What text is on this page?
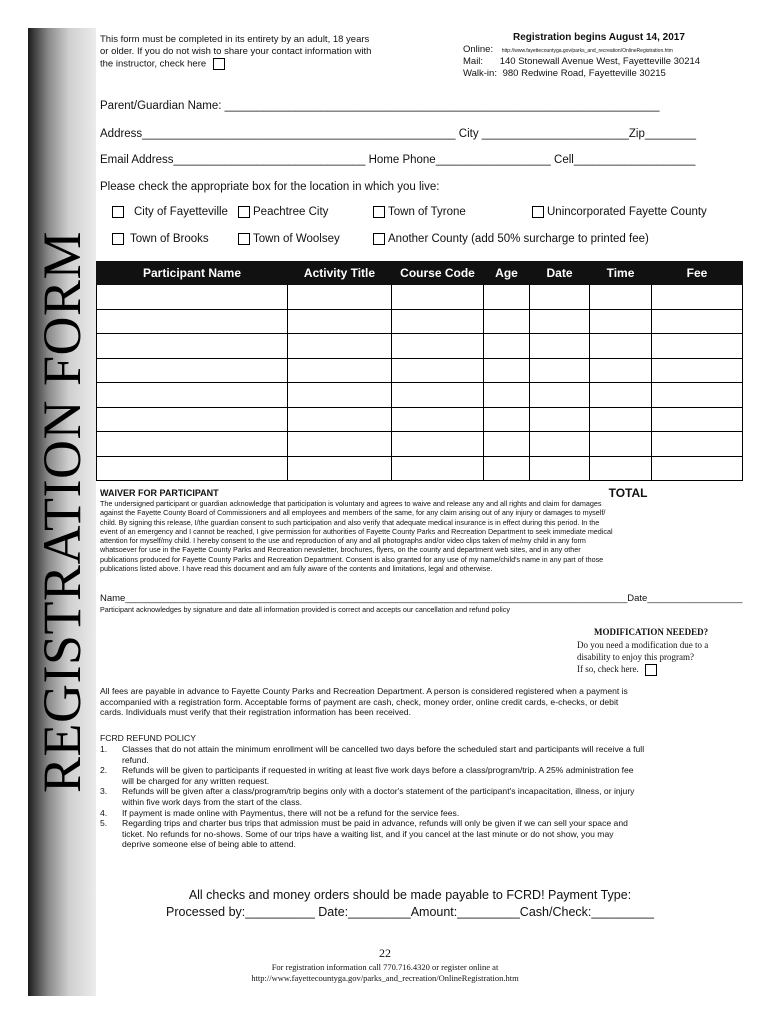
REGISTRATION FORM
This form must be completed in its entirety by an adult, 18 years
or older. If you do not wish to share your contact information with
the instructor, check here
Registration begins August 14, 2017
Online: http://www.fayettecountyga.gov/parks_and_recreation/OnlineRegistration.htm
Mail: 140 Stonewall Avenue West, Fayetteville 30214
Walk-in: 980 Redwine Road, Fayetteville 30215
Parent/Guardian Name: ____________________________________________________________________
Address_________________________________________________ City _______________________Zip________
Email Address______________________________ Home Phone__________________ Cell___________________
Please check the appropriate box for the location in which you live:
City of Fayetteville	Peachtree City	Town of Tyrone	Unincorporated Fayette County
Town of Brooks	Town of Woolsey	Another County (add 50% surcharge to printed fee)
Participant Name	Activity Title	Course Code	Age	Date	Time	Fee

TOTAL						
WAIVER FOR PARTICIPANT
The undersigned participant or guardian acknowledge that participation is voluntary and agrees to waive and release any and all rights and claim for damages
against the Fayette County Board of Commissioners and all employees and members of the same, for any claim arising out of any injury or damages to myself/
child. By signing this release, I/the guardian consent to such participation and also verify that adequate medical insurance is in effect during this period. In the
event of an emergency and I cannot be reached, I give permission for authorities of Fayette County Parks and Recreation Department to seek immediate medical
attention for myself/my child. I hereby consent to the use and reproduction of any and all photographs and/or video clips taken of me/my child in any form
whatsoever for use in the Fayette County Parks and Recreation newsletter, brochures, flyers, on the county and department web sites, and in any other
publications produced for Fayette County Parks and Recreation Department. Consent is also granted for any use of my name/child's name in any part of those
publications listed above. I have read this document and am fully aware of the contents and limitations, legal and otherwise.
Name_______________________________________________________________________________________________Date__________________
Participant acknowledges by signature and date all information provided is correct and accepts our cancellation and refund policy
MODIFICATION NEEDED?
Do you need a modification due to a
disability to enjoy this program?
If so, check here.
All fees are payable in advance to Fayette County Parks and Recreation Department. A person is considered registered when a payment is
accompanied with a registration form. Acceptable forms of payment are cash, check, money order, online credit cards, e-checks, or debit
cards. Individuals must verify that their registration information has been received.
FCRD REFUND POLICY
1.	Classes that do not attain the minimum enrollment will be cancelled two days before the scheduled start and participants will receive a full
refund.
2.	Refunds will be given to participants if requested in writing at least five work days before a class/program/trip. A 25% administration fee
will be charged for any written request.
3.	Refunds will be given after a class/program/trip begins only with a doctor's statement of the participant's incapacitation, illness, or injury
within five work days from the start of the class.
4.	If payment is made online with Paymentus, there will not be a refund for the service fees.
5.	Regarding trips and charter bus trips that admission must be paid in advance, refunds will only be given if we can sell your space and
ticket. No refunds for no-shows. Some of our trips have a waiting list, and if you cancel at the last minute or do not show, you may
deprive someone else of being able to attend.
All checks and money orders should be made payable to FCRD! Payment Type:
Processed by:__________ Date:_________Amount:_________Cash/Check:_________
22
For registration information call 770.716.4320 or register online at
http://www.fayettecountyga.gov/parks_and_recreation/OnlineRegistration.htm
